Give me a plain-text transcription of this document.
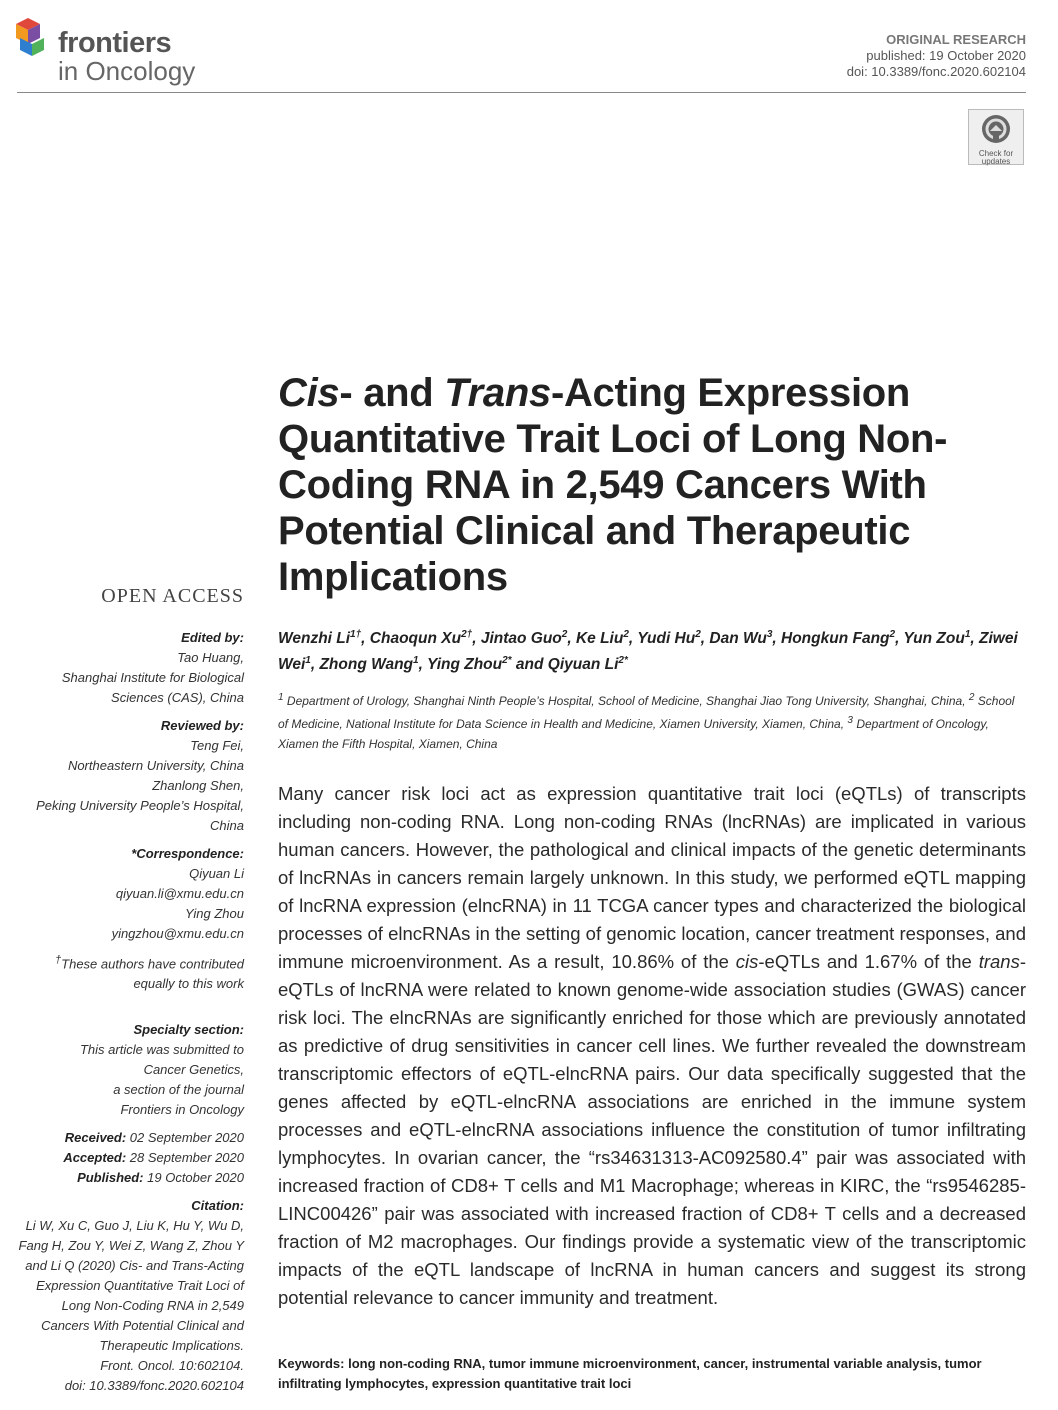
frontiers
in Oncology
ORIGINAL RESEARCH
published: 19 October 2020
doi: 10.3389/fonc.2020.602104
Check for updates
Cis- and Trans-Acting Expression Quantitative Trait Loci of Long Non-Coding RNA in 2,549 Cancers With Potential Clinical and Therapeutic Implications
OPEN ACCESS
Edited by:
Tao Huang,
Shanghai Institute for Biological
Sciences (CAS), China
Reviewed by:
Teng Fei,
Northeastern University, China
Zhanlong Shen,
Peking University People’s Hospital,
China
*Correspondence:
Qiyuan Li
qiyuan.li@xmu.edu.cn
Ying Zhou
yingzhou@xmu.edu.cn
†These authors have contributed
equally to this work
Specialty section:
This article was submitted to
Cancer Genetics,
a section of the journal
Frontiers in Oncology
Received: 02 September 2020
Accepted: 28 September 2020
Published: 19 October 2020
Citation:
Li W, Xu C, Guo J, Liu K, Hu Y, Wu D,
Fang H, Zou Y, Wei Z, Wang Z, Zhou Y
and Li Q (2020) Cis- and Trans-Acting
Expression Quantitative Trait Loci of
Long Non-Coding RNA in 2,549
Cancers With Potential Clinical and
Therapeutic Implications.
Front. Oncol. 10:602104.
doi: 10.3389/fonc.2020.602104
Wenzhi $Li^{1\dagger}$, Chaoqun $Xu^{2\dagger}$, Jintao Guo$^2$, Ke Liu$^2$, Yudi Hu$^2$, Dan Wu$^3$, Hongkun Fang$^2$, Yun Zou$^1$, Ziwei Wei$^1$, Zhong Wang$^1$, Ying Zhou$^{2*}$ and Qiyuan $Li^{2*}$
$^1$ Department of Urology, Shanghai Ninth People’s Hospital, School of Medicine, Shanghai Jiao Tong University, Shanghai, China, $^2$ School of Medicine, National Institute for Data Science in Health and Medicine, Xiamen University, Xiamen, China, $^3$ Department of Oncology, Xiamen the Fifth Hospital, Xiamen, China
Many cancer risk loci act as expression quantitative trait loci (eQTLs) of transcripts including non-coding RNA. Long non-coding RNAs (lncRNAs) are implicated in various human cancers. However, the pathological and clinical impacts of the genetic determinants of lncRNAs in cancers remain largely unknown. In this study, we performed eQTL mapping of lncRNA expression (elncRNA) in 11 TCGA cancer types and characterized the biological processes of elncRNAs in the setting of genomic location, cancer treatment responses, and immune microenvironment. As a result, 10.86% of the cis-eQTLs and 1.67% of the trans-eQTLs of lncRNA were related to known genome-wide association studies (GWAS) cancer risk loci. The elncRNAs are significantly enriched for those which are previously annotated as predictive of drug sensitivities in cancer cell lines. We further revealed the downstream transcriptomic effectors of eQTL-elncRNA pairs. Our data specifically suggested that the genes affected by eQTL-elncRNA associations are enriched in the immune system processes and eQTL-elncRNA associations influence the constitution of tumor infiltrating lymphocytes. In ovarian cancer, the “rs34631313-AC092580.4” pair was associated with increased fraction of CD8+ T cells and M1 Macrophage; whereas in KIRC, the “rs9546285-LINC00426” pair was associated with increased fraction of CD8+ T cells and a decreased fraction of M2 macrophages. Our findings provide a systematic view of the transcriptomic impacts of the eQTL landscape of lncRNA in human cancers and suggest its strong potential relevance to cancer immunity and treatment.
Keywords: long non-coding RNA, tumor immune microenvironment, cancer, instrumental variable analysis, tumor infiltrating lymphocytes, expression quantitative trait loci
